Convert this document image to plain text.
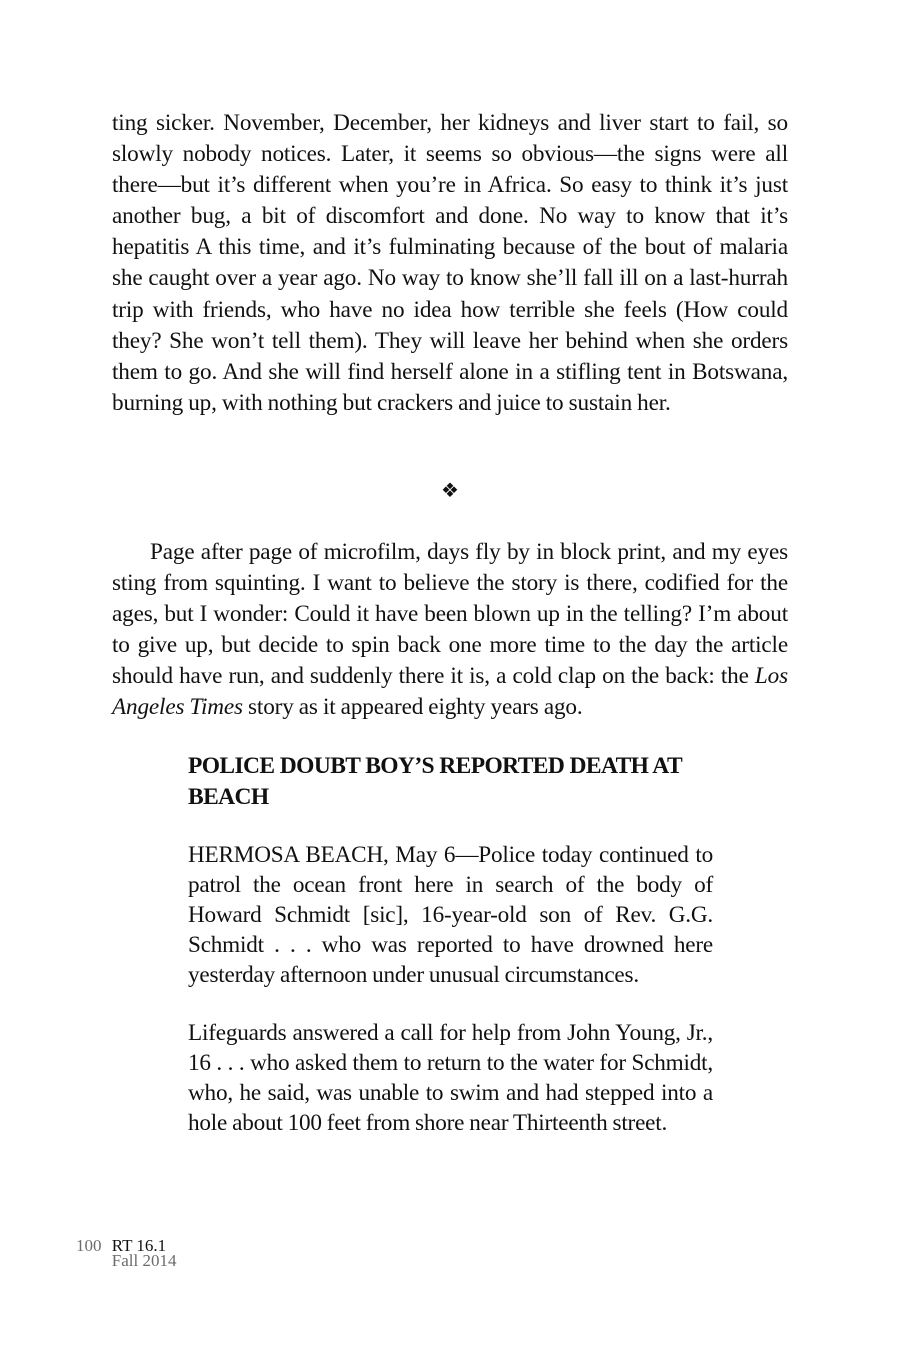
ting sicker. November, December, her kidneys and liver start to fail, so slowly nobody notices. Later, it seems so obvious—the signs were all there—but it’s different when you’re in Africa. So easy to think it’s just another bug, a bit of discomfort and done. No way to know that it’s hepatitis A this time, and it’s fulminating because of the bout of malaria she caught over a year ago. No way to know she’ll fall ill on a last-hurrah trip with friends, who have no idea how terrible she feels (How could they? She won’t tell them). They will leave her behind when she orders them to go. And she will find herself alone in a stifling tent in Botswana, burning up, with nothing but crackers and juice to sustain her.

❖

Page after page of microfilm, days fly by in block print, and my eyes sting from squinting. I want to believe the story is there, codified for the ages, but I wonder: Could it have been blown up in the telling? I’m about to give up, but decide to spin back one more time to the day the article should have run, and suddenly there it is, a cold clap on the back: the Los Angeles Times story as it appeared eighty years ago.

POLICE DOUBT BOY’S REPORTED DEATH AT BEACH

HERMOSA BEACH, May 6—Police today continued to patrol the ocean front here in search of the body of Howard Schmidt [sic], 16-year-old son of Rev. G.G. Schmidt . . . who was reported to have drowned here yesterday afternoon under unusual circumstances.

Lifeguards answered a call for help from John Young, Jr., 16 . . . who asked them to return to the water for Schmidt, who, he said, was unable to swim and had stepped into a hole about 100 feet from shore near Thirteenth street.

100 RT 16.1
Fall 2014
